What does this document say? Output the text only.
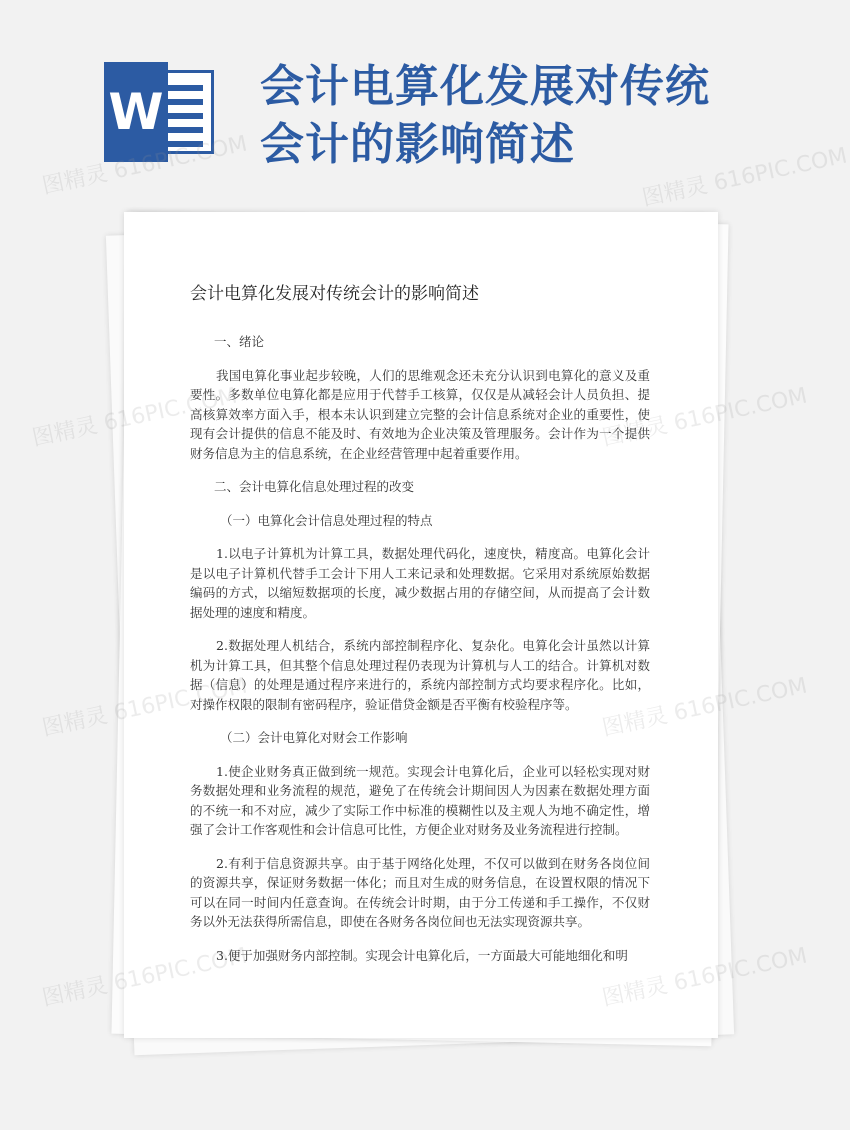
W 会计电算化发展对传统
会计的影响简述
会计电算化发展对传统会计的影响简述
一、绪论
我国电算化事业起步较晚，人们的思维观念还未充分认识到电算化的意义及重要性。多数单位电算化都是应用于代替手工核算，仅仅是从减轻会计人员负担、提高核算效率方面入手，根本未认识到建立完整的会计信息系统对企业的重要性，使现有会计提供的信息不能及时、有效地为企业决策及管理服务。会计作为一个提供财务信息为主的信息系统，在企业经营管理中起着重要作用。
二、会计电算化信息处理过程的改变
（一）电算化会计信息处理过程的特点
1.以电子计算机为计算工具，数据处理代码化，速度快，精度高。电算化会计是以电子计算机代替手工会计下用人工来记录和处理数据。它采用对系统原始数据编码的方式，以缩短数据项的长度，减少数据占用的存储空间，从而提高了会计数据处理的速度和精度。
2.数据处理人机结合，系统内部控制程序化、复杂化。电算化会计虽然以计算机为计算工具，但其整个信息处理过程仍表现为计算机与人工的结合。计算机对数据（信息）的处理是通过程序来进行的，系统内部控制方式均要求程序化。比如，对操作权限的限制有密码程序，验证借贷金额是否平衡有校验程序等。
（二）会计电算化对财会工作影响
1.使企业财务真正做到统一规范。实现会计电算化后，企业可以轻松实现对财务数据处理和业务流程的规范，避免了在传统会计期间因人为因素在数据处理方面的不统一和不对应，减少了实际工作中标准的模糊性以及主观人为地不确定性，增强了会计工作客观性和会计信息可比性，方便企业对财务及业务流程进行控制。
2.有利于信息资源共享。由于基于网络化处理，不仅可以做到在财务各岗位间的资源共享，保证财务数据一体化；而且对生成的财务信息，在设置权限的情况下可以在同一时间内任意查询。在传统会计时期，由于分工传递和手工操作，不仅财务以外无法获得所需信息，即使在各财务各岗位间也无法实现资源共享。
3.便于加强财务内部控制。实现会计电算化后，一方面最大可能地细化和明
图精灵 616PIC.COM	图精灵 616PIC.COM
图精灵	616PIC.COM
图精灵	616PIC.COM
图精灵	616PIC.COM
